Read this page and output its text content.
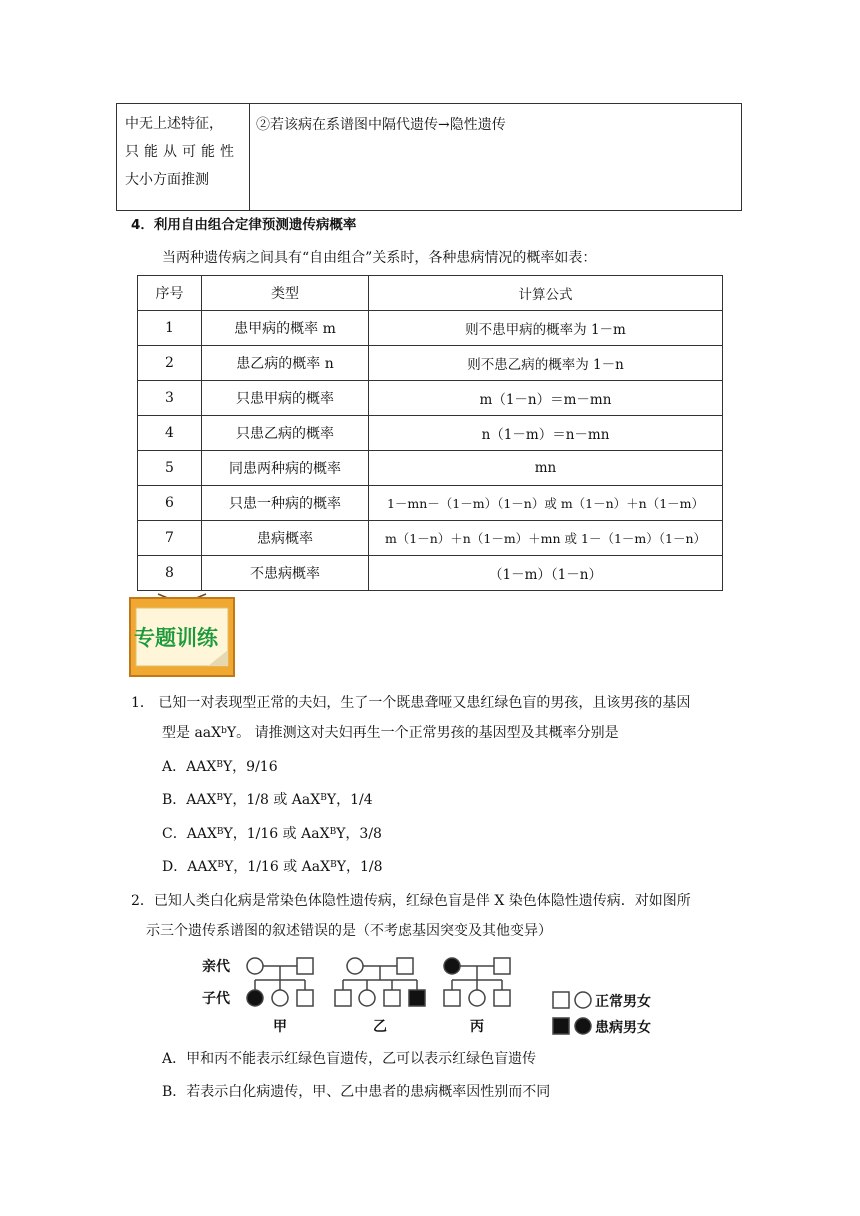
中无上述特征，
只能从可能性
大小方面推测
	②若该病在系谱图中隔代遗传→隐性遗传
4．利用自由组合定律预测遗传病概率
当两种遗传病之间具有“自由组合”关系时，各种患病情况的概率如表：
序号	类型	计算公式
1	患甲病的概率 m	则不患甲病的概率为 1－m
2	患乙病的概率 n	则不患乙病的概率为 1－n
3	只患甲病的概率	m（1－n）＝m－mn
4	只患乙病的概率	n（1－m）＝n－mn
5	同患两种病的概率	mn
6	只患一种病的概率	1－mn－（1－m）（1－n）或 m（1－n）＋n（1－m）
7	患病概率	m（1－n）＋n（1－m）＋mn 或 1－（1－m）（1－n）
8	不患病概率	（1－m）（1－n）
专题训练
1． 已知一对表现型正常的夫妇，生了一个既患聋哑又患红绿色盲的男孩，且该男孩的基因
型是 aaX$^b$Y。 请推测这对夫妇再生一个正常男孩的基因型及其概率分别是
A．$AAX^BY$，9/16
B．$AAX^BY$，1/8 或 AaX$^B$Y，1/4
C．$AAX^BY$，1/16 或 AaX$^B$Y，3/8
D．$AAX^BY$，1/16 或 AaX$^B$Y，1/8
2．已知人类白化病是常染色体隐性遗传病，红绿色盲是伴 X 染色体隐性遗传病．对如图所
示三个遗传系谱图的叙述错误的是（不考虑基因突变及其他变异）
亲代
子代
甲	乙	丙
正常男女
患病男女
A．甲和丙不能表示红绿色盲遗传，乙可以表示红绿色盲遗传
B．若表示白化病遗传，甲、乙中患者的患病概率因性别而不同
